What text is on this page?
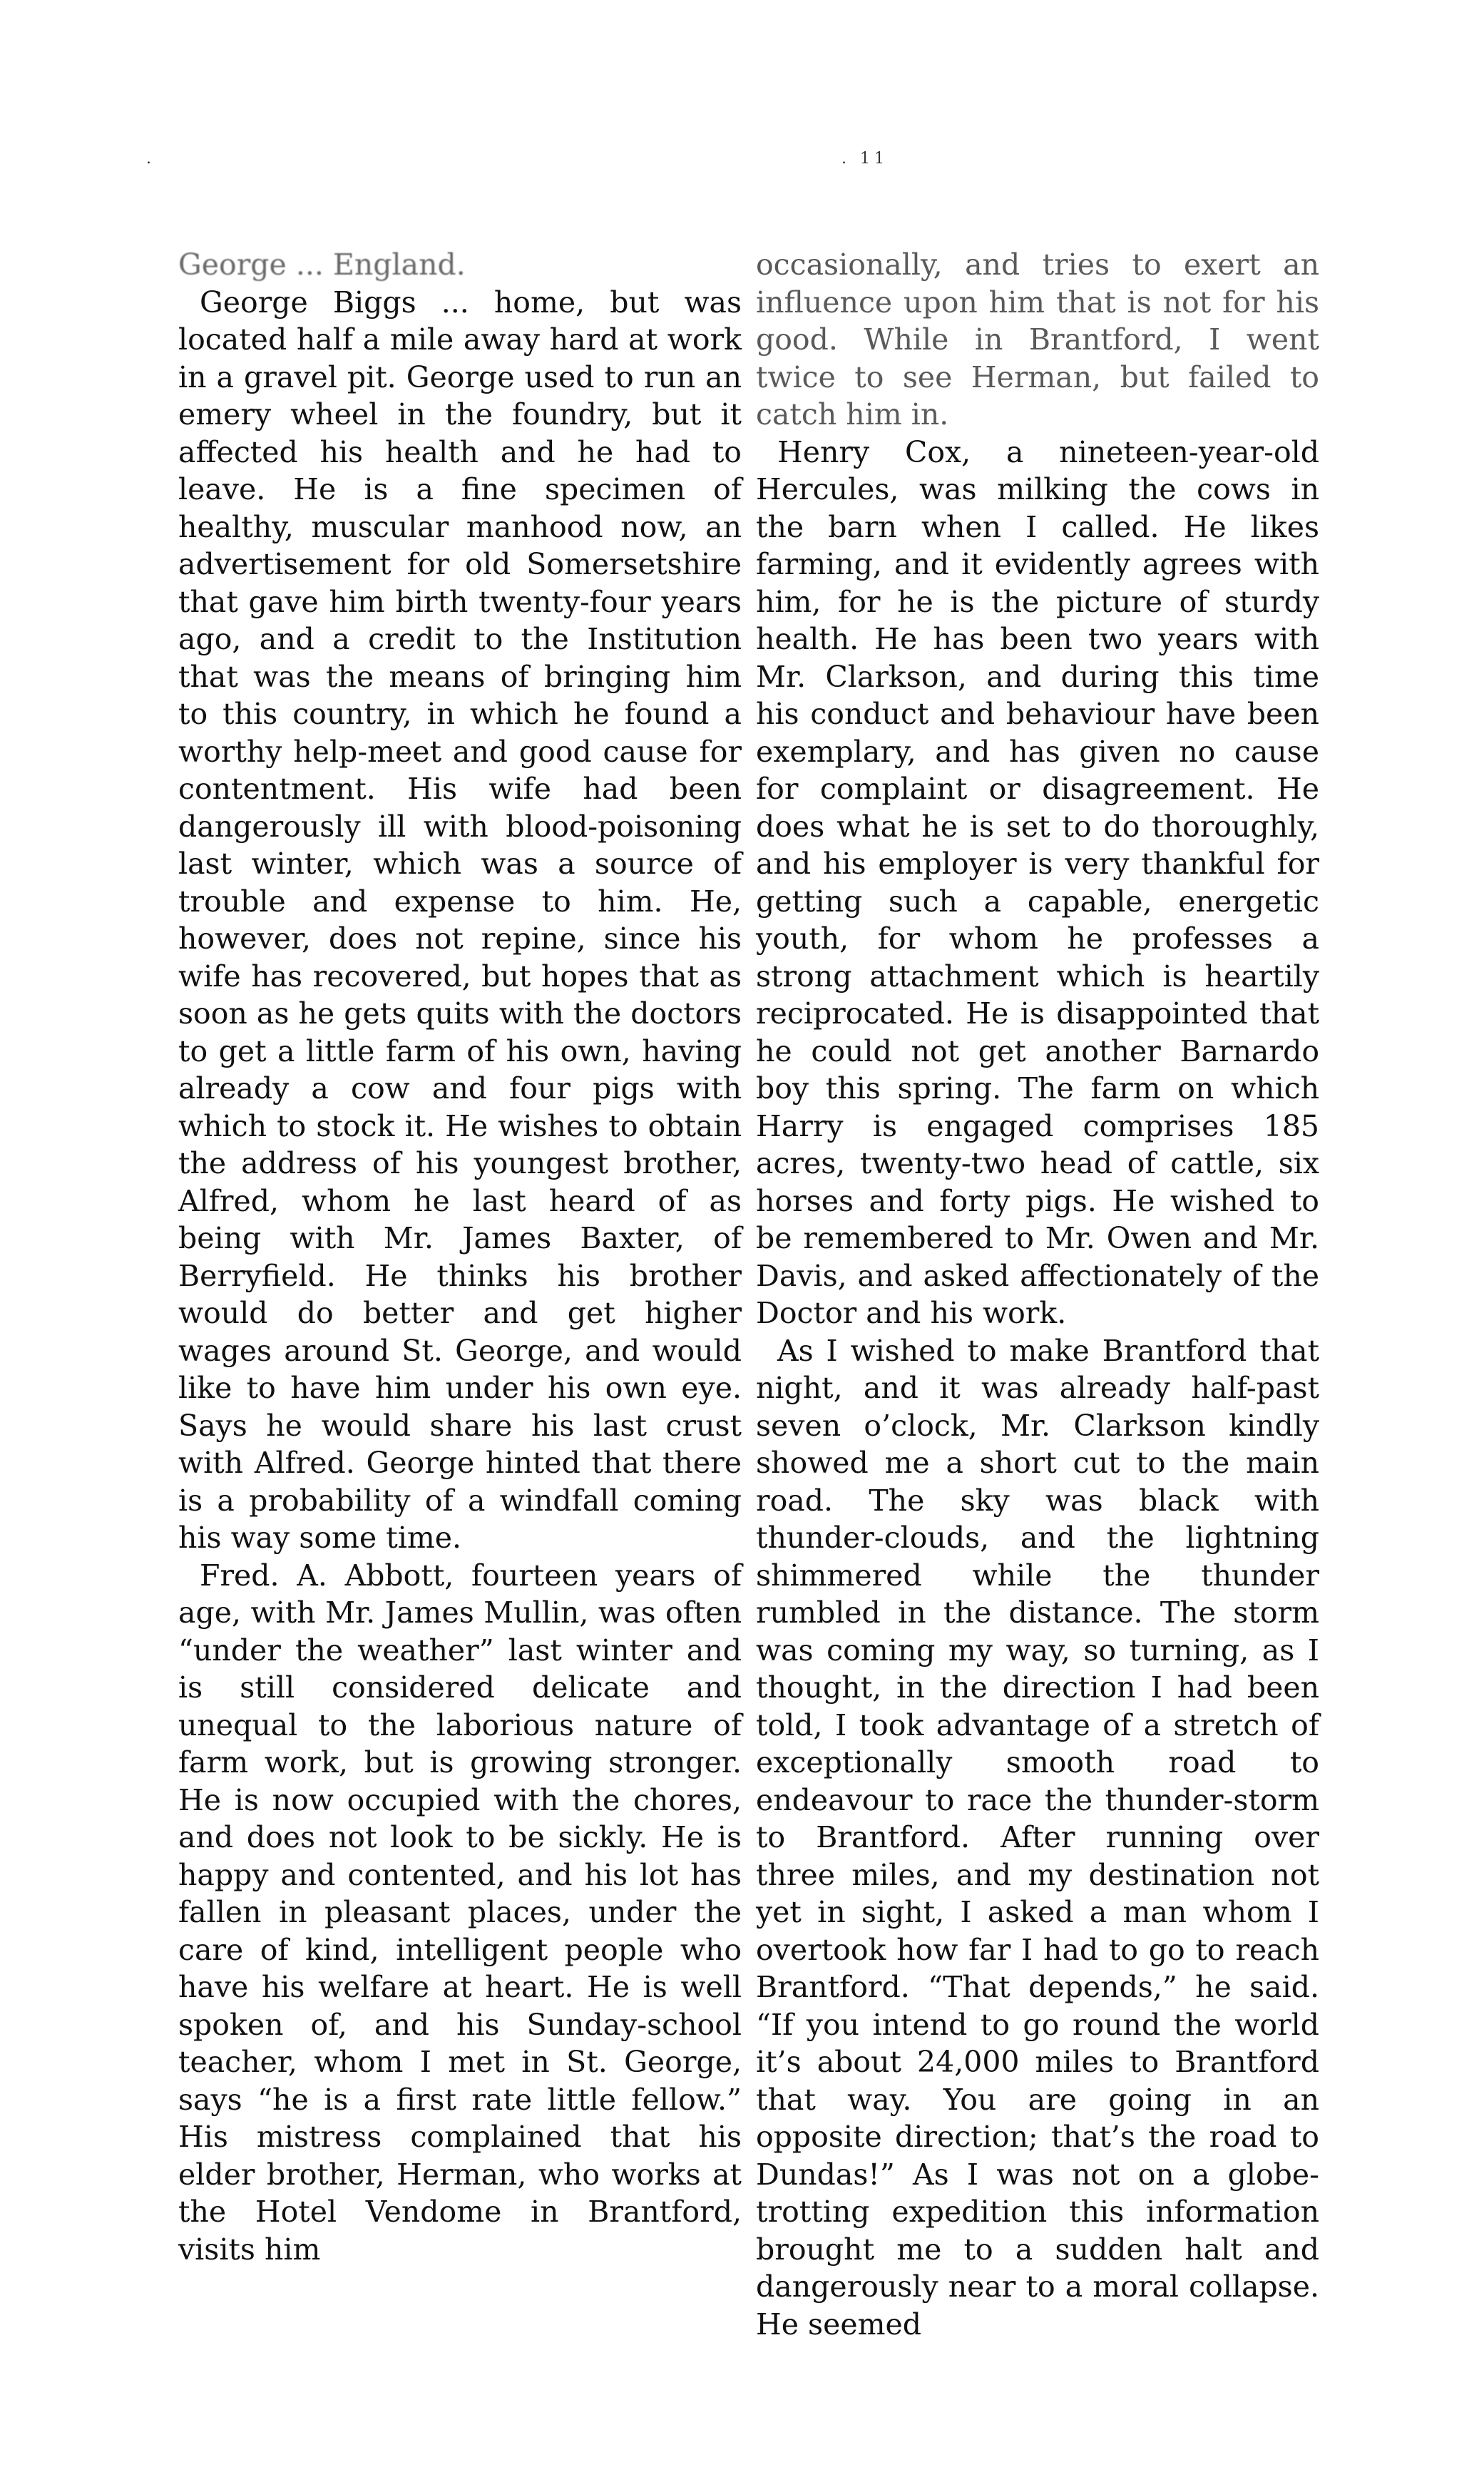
.	. 11

George ... England.

George Biggs ... home, but was located half a mile away hard at work in a gravel pit. George used to run an emery wheel in the foundry, but it affected his health and he had to leave. He is a fine specimen of healthy, muscular manhood now, an advertisement for old Somersetshire that gave him birth twenty-four years ago, and a credit to the Institution that was the means of bringing him to this country, in which he found a worthy help-meet and good cause for contentment. His wife had been dangerously ill with blood-poisoning last winter, which was a source of trouble and expense to him. He, however, does not repine, since his wife has recovered, but hopes that as soon as he gets quits with the doctors to get a little farm of his own, having already a cow and four pigs with which to stock it. He wishes to obtain the address of his youngest brother, Alfred, whom he last heard of as being with Mr. James Baxter, of Berryfield. He thinks his brother would do better and get higher wages around St. George, and would like to have him under his own eye. Says he would share his last crust with Alfred. George hinted that there is a probability of a windfall coming his way some time.

Fred. A. Abbott, fourteen years of age, with Mr. James Mullin, was often “under the weather” last winter and is still considered delicate and unequal to the laborious nature of farm work, but is growing stronger. He is now occupied with the chores, and does not look to be sickly. He is happy and contented, and his lot has fallen in pleasant places, under the care of kind, intelligent people who have his welfare at heart. He is well spoken of, and his Sunday-school teacher, whom I met in St. George, says “he is a first rate little fellow.” His mistress complained that his elder brother, Herman, who works at the Hotel Vendome in Brantford, visits him

occasionally, and tries to exert an influence upon him that is not for his good. While in Brantford, I went twice to see Herman, but failed to catch him in.

Henry Cox, a nineteen-year-old Hercules, was milking the cows in the barn when I called. He likes farming, and it evidently agrees with him, for he is the picture of sturdy health. He has been two years with Mr. Clarkson, and during this time his conduct and behaviour have been exemplary, and has given no cause for complaint or disagreement. He does what he is set to do thoroughly, and his employer is very thankful for getting such a capable, energetic youth, for whom he professes a strong attachment which is heartily reciprocated. He is disappointed that he could not get another Barnardo boy this spring. The farm on which Harry is engaged comprises 185 acres, twenty-two head of cattle, six horses and forty pigs. He wished to be remembered to Mr. Owen and Mr. Davis, and asked affectionately of the Doctor and his work.

As I wished to make Brantford that night, and it was already half-past seven o’clock, Mr. Clarkson kindly showed me a short cut to the main road. The sky was black with thunder-clouds, and the lightning shimmered while the thunder rumbled in the distance. The storm was coming my way, so turning, as I thought, in the direction I had been told, I took advantage of a stretch of exceptionally smooth road to endeavour to race the thunder-storm to Brantford. After running over three miles, and my destination not yet in sight, I asked a man whom I overtook how far I had to go to reach Brantford. “That depends,” he said. “If you intend to go round the world it’s about 24,000 miles to Brantford that way. You are going in an opposite direction; that’s the road to Dundas!” As I was not on a globe-trotting expedition this information brought me to a sudden halt and dangerously near to a moral collapse. He seemed
